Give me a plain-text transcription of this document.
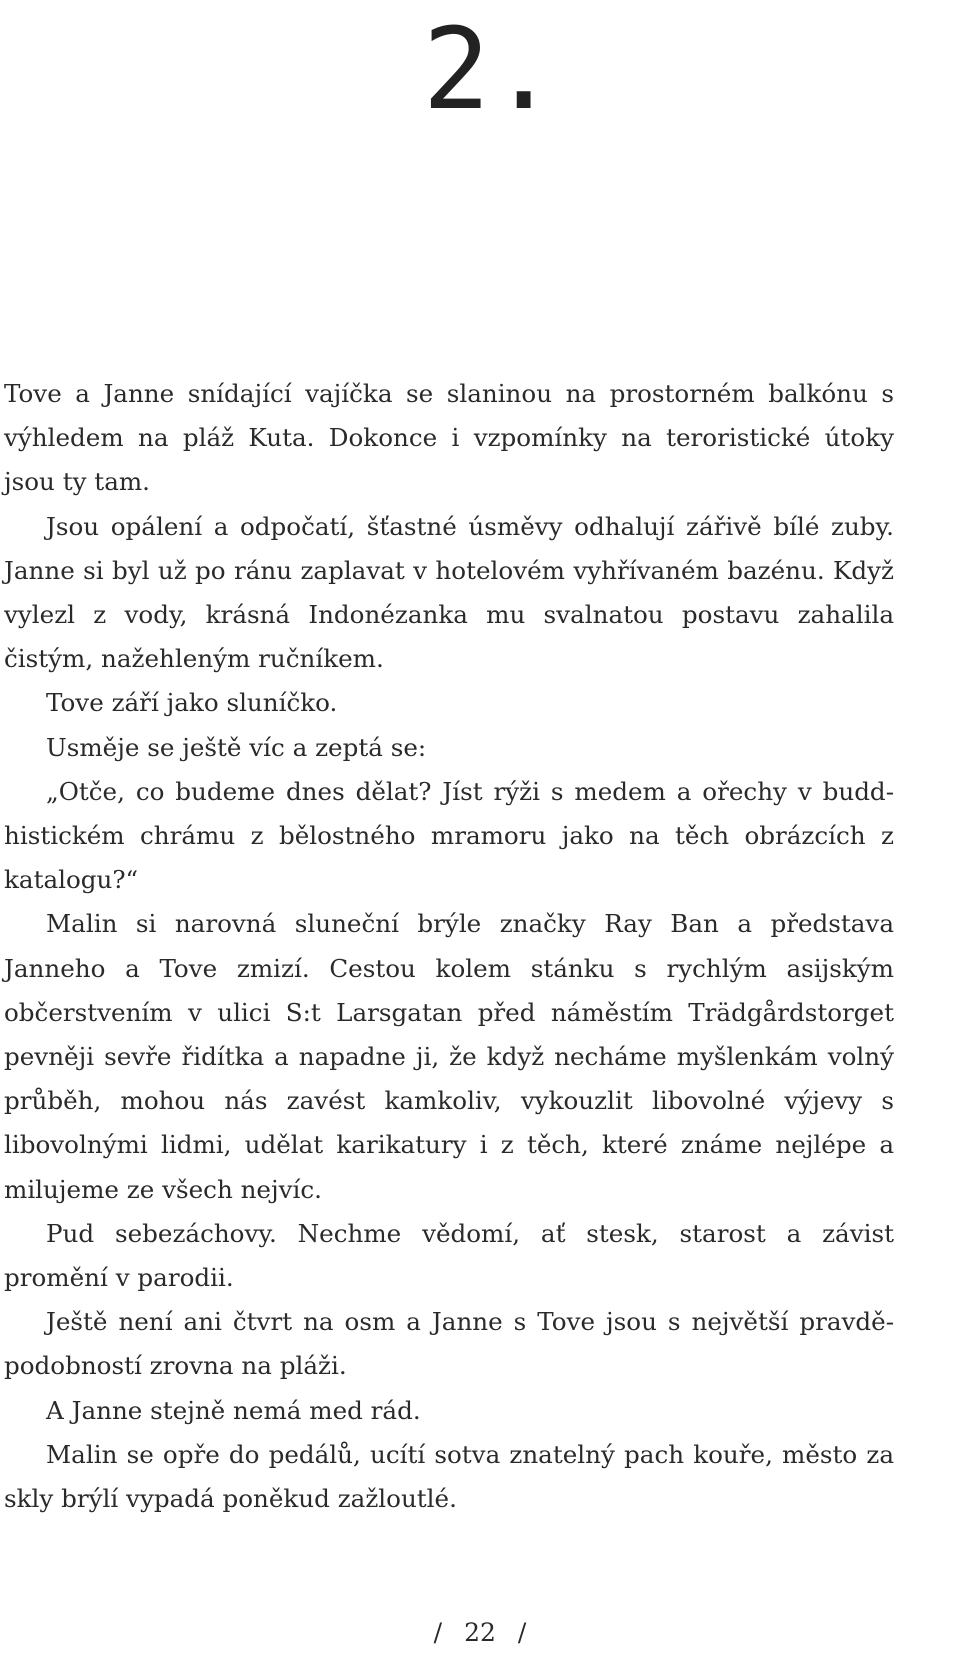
2.

Tove a Janne snídající vajíčka se slaninou na prostorném balkónu s výhledem na pláž Kuta. Dokonce i vzpomínky na teroristické útoky jsou ty tam.

Jsou opálení a odpočatí, šťastné úsměvy odhalují zářivě bílé zuby. Janne si byl už po ránu zaplavat v hotelovém vyhřívaném bazénu. Když vylezl z vody, krásná Indonézanka mu svalnatou postavu zahalila čistým, nažehleným ručníkem.

Tove září jako sluníčko.

Usměje se ještě víc a zeptá se:

„Otče, co budeme dnes dělat? Jíst rýži s medem a ořechy v buddhistickém chrámu z bělostného mramoru jako na těch obrázcích z katalogu?“

Malin si narovná sluneční brýle značky Ray Ban a představa Janneho a Tove zmizí. Cestou kolem stánku s rychlým asijským občerstvením v ulici S:t Larsgatan před náměstím Trädgårdstorget pevněji sevře řidítka a napadne ji, že když necháme myšlenkám volný průběh, mohou nás zavést kamkoliv, vykouzlit libovolné výjevy s libovolnými lidmi, udělat karikatury i z těch, které známe nejlépe a milujeme ze všech nejvíc.

Pud sebezáchovy. Nechme vědomí, ať stesk, starost a závist promění v parodii.

Ještě není ani čtvrt na osm a Janne s Tove jsou s největší pravděpodobností zrovna na pláži.

A Janne stejně nemá med rád.

Malin se opře do pedálů, ucítí sotva znatelný pach kouře, město za skly brýlí vypadá poněkud zažloutlé.

/ 22 /
